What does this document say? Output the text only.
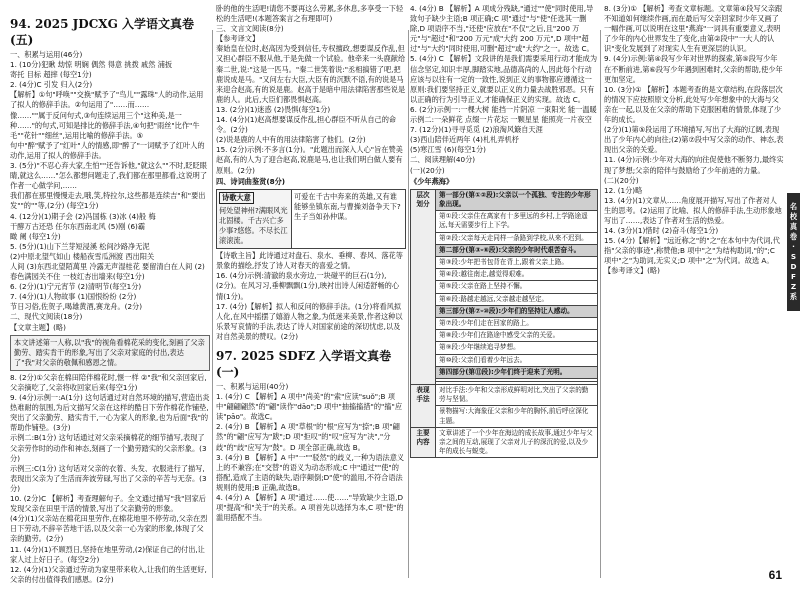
94. 2025 JDCXG 入学语文真卷(五)
一、积累与运用(46分)
1. (10分)犯瞅 劫惊 明娴 偶然 得意 挑拨 戚然 浦扳
寄托 目标 超摔 (每空1分)
2. (4分)C 引发 归入(2分)
【解析】①句"呼唤""交换"赋予了"鸟儿""露珠"人的动作,运用了拟人的修辞手法。②句运用了"……而……
像……""属于反问句式,③句连续运用三个"这种美,是一种……"的句式,可知是排比的修辞手法,④句把"雨丝"比作"牛毛""花针""细丝",运用比喻的修辞手法。⑤
句中"醉"赋予了"红叶"人的情感,即"醉了"一词赋予了红叶人的动作,运用了拟人的修辞手法。
3. (5分)"不忍心弃大家,生怕""还告诉他,"就这么""不时,眨眨眼睛,就这么……"怎么都想问题走了,我们都在那里都看,这说明了作者一心做学问,……
我们都在那里慢慢走去,哦,笑,特拉尔,这些都是连续吉"和"要出发""的""等,(2分) (每空1分)
4. (12分)(1)期子会 (2)冯国栋 (3)冰 (4)般 梅
干酵万古还恐 任尔东西南北风 (5)刚 (6)霸
瞰 阑 (每空1分)
5. (5分)(1)山下兰芽短浸溪 松间沙路净无泥
(2)中原北望气如山 楼船夜雪瓜洲渡 西出阳关
人间 (3)东西北望陌萬里 冷露无声湿桂花 要留清白在人间 (2)春色满园关不住 一枝红杏出墙来(每空1分)
6. (2分)(1)宁元宵节 (2)清明节(每空1分)
7. (4分)(1)人物故事 (1)国恨纷纷 (2分)
节日习俗,佐贺子,喝雄黄酒,赛龙舟。(2分)
二、现代文阅读(18分)
【文章主题】(略)
本文讲述第一人称,以"我"的视角看棉花采的变化,刻画了父亲勤劳、踏实肯干的形象,写出了父亲对家庭的付出,表达了"我"对父亲的敬佩和感恩之情。
8. (2分)①父亲在棉田陪伴棉花时,惬一样 ②"我"和父亲回家后,父亲摘吃了,父亲将收回家后来(每空1分)
9. (4分)示例一:A(1分) 这句话通过对自然环境的描写,营造出炎热难耐的氛围,为后文描写父亲在这样的酷日下劳作棉花作铺垫,突出了父亲勤劳、踏实肯干,一心为家人的形象,也为后面"我"的帮助作铺垫。(3分)
示例二:B(1分) 这句话通过对父亲采摘棉花的细节描写,表现了父亲劳作时的动作和神态,刻画了一个勤劳踏实的父亲形象。(3分)
示例三:C(1分) 这句话对父亲的衣着、头发、衣服进行了描写,表现出父亲为了生活而奔波劳碌,写出了父亲的辛苦与无奈。(3分)
10. (2分)C 【解析】考查理解句子。全文通过描写"我"回家后发现父亲在田里干活的情景,写出了父亲勤劳的形象。
(4分)(1)父亲站在棉花田里劳作,在棉花地里不停劳动,父亲在烈日下劳动,不辞辛苦地干活,以及父亲一心为家的形象,体现了父亲的勤劳。(2分)
11. (4分)(1)不顾烈日,坚持在地里劳动,(2)保证自己的付出,让家人过上好日子。(每空2分)
12. (4分)(1)父亲通过劳动为家里带来收入,让我们的生活更好,父亲的付出值得我们感恩。(2分)
卧的他的生活吧!请您不要再这么劳累,多休息,多享受一下轻松的生活吧!(本题答案言之有理即可)
三、文言文阅读(8分)
【参考译文】
秦始皇在位时,赵高因为受到信任,专权擅政,想要谋反作乱,但又担心群臣不服从他,于是先做一个试验。他牵来一头鹿献给秦二世,说:"这是一匹马。"秦二世笑着说:"丞相搞错了吧,把鹿说成是马。"又问左右大臣,大臣有的沉默不语,有的说是马来迎合赵高,有的说是鹿。赵高于是暗中用法律陷害那些说是鹿的人。此后,大臣们都畏惧赵高。
13. (2分)(1)迷惑 (2)畏惧(每空1分)
14. (4分)(1)赵高想要谋反作乱,担心群臣不听从自己的命令。(2分)
(2)说是鹿的人中有的用法律陷害了他们。(2分)
15. (2分)示例:不多言(1分)。"此题出而深入人心"旨在赞美赵高,有的人为了迎合赵高,说鹿是马,也让我们明白做人要有原则。(2分)
四、诗词曲鉴赏(8分)
诗歌大意
何处望神州?满眼风光北固楼。千古兴亡多少事?悠悠。不尽长江滚滚流。
可爱在千古中奔来的英雄,又有谁能够坐镇东南,与曹操刘备争天下?生子当如孙仲谋。
【诗歌主旨】此诗通过对盘石、泉水、垂柳、春风、落花等景象的描绘,抒发了诗人对春天的喜爱之情。
16. (4分)示例:清澈的泉水旁边,一块碰平的巨石(1分),
(2分)。在风习习,垂柳飘飘(1分),映衬出诗人闲适舒畅的心情(1分)。
17. (4分)【解析】拟人和反问的修辞手法。(1分)将看风拟人化,在风中摇摆了嬉游人物之象,为低迷来美景,作者这种以乐景写哀情的手法,表达了诗人对国家前途的深切忧虑,以及对自然美景的赞叹。(2分)
97. 2025 SDFZ 入学语文真卷(一)
一、积累与运用(40分)
1. (4分) C 【解析】A 项中"尚美"的"索"应读"suǒ";B 项中"翩翩翩然"的"翩"读作"dāo";D 项中"抽搐搐措"的"搐"应读"pāo"。故选C。
2. (4分) B 【解析】A 项"草根"的"根"应写为"捺";B 项"翩然"的"翩"应写为"跋";D 项"拒叹"的"叹"应写为"决","分歧"的"歧"应写为"鼓"。D 项全部正确,故选 B。
3. (4分) B 【解析】A 中"一""驳然"的歧义,一种为语法意义上的不兼容;在"交替"的语义为动态形成;C 中"通过""使"的搭配,造成了主语的缺失,语序颠倒;D"使"的滥用,不符合语法规则的使用;B 正确,故选B。
4. (4分) A 【解析】A 项"通过……使……"导致缺少主语,D 项"提高"和"关于"的关系。A 项首先以选择为本,C 项"使"的滥用搭配不当。
4. (4分) B 【解析】A 项成分残缺,"通过""使"同时使用,导致句子缺少主语;B 项正确;C 项"通过"与"使"任选其一删除,D 项语序不当,"还使"应放在"不仅"之后,且"200 万元"与"超过"和"200 万元"成"大约 200 万元",D 项中"超过"与"大约"同时使用,可删"超过"或"大约"之一。故选 C。
5. (4分) C 【解析】文段讲的是我们需要采用行动才能成为信念坚定,知识丰厚,脚踏实地,品德高尚的人,因此每个行动应该与以往有一定的一致性,说到正义的事物都应遵循这一原则:我们要坚持正义,就要以正义的力量去战胜邪恶。只有以正确的行为引导正义,才能确保正义的实现。故选 C。
6. (2分)示例一:一棵大树 能挡一片阴凉 一束阳光 能一温暖 示例二:一朵鲜花 点缀一片花坛 一颗星星 能照亮一片夜空
7. (12分)(1)寻寻觅觅 (2)浪淘风簸自天涯
(3)西山陪伴近两年 (4)札札弄机杼
(5)寒江雪 (6)(每空1分)
二、阅读理解(40分)
(一)(20分)
《少年燕海》
层次划分	第一部分(第①②段):父亲以一个孤独、专注的少年形象出现。
	第①段:父亲住在离家有十多里远的乡村,上学路途遥远,每天需要步行上下学。
	第②段:父亲每天走同样一条路到学校,从来不迟到。
	第二部分(第③-⑥段):父亲的少年时代艰苦奋斗。
	第③段:少年把书包背在背上,跟着父亲上路。
	第④段:越往南走,越觉得艰难。
	第⑤段:父亲在路上坚持不懈。
	第⑥段:路越走越远,父亲越走越坚定。
	第三部分(第⑦-⑩段):少年们的坚持让人感动。
	第⑦段:少年们走在回家的路上。
	第⑧段:少年们在路途中感受父亲的关爱。
	第⑨段:少年继续追寻梦想。
	第⑩段:父亲们看着少年远去。
	第四部分(第⑪段):少年们终于迎来了光明。

表现手法	对比手法:少年和父亲形成鲜明对比,突出了父亲的勤劳与坚韧。
	景物描写:大海象征父亲和少年的胸怀,前后呼应深化主题。
主要内容	文章讲述了一个少年在海边的成长故事,通过少年与父亲之间的互动,展现了父亲对儿子的深沉的爱,以及少年的成长与蜕变。
8. (3分)① 【解析】考查文章标题。文章第④段写父亲跟不知道如何继续作画,而在最后写父亲回家时少年又画了一幅作画,可以说明在这里"燕海"一词具有重要意义,表明了少年的内心世界发生了变化,由第②段中"一大人的认识"变化发展到了对现实人生有更深层的认识。
9. (4分)示例:第④段写少年对世界的探索,第⑤段写少年在不断前进,第⑥段写少年遇到困难时,父亲的帮助,使少年更加坚定。
10. (3分)① 【解析】本题考查的是文章结构,在段落层次的情况下应按照原文分析,此处写少年想象中的大海与父亲在一起,以及在父亲的帮助下克服困难的情景,体现了少年的成长。
(2分)(1)第⑤段运用了环境描写,写出了大海的辽阔,表现出了少年内心的向往;(2)第⑦段中写父亲的动作、神态,表现出父亲的关爱。
11. (4分)示例:少年对大海的向往促使他不断努力,最终实现了梦想;父亲的陪伴与鼓励给了少年前进的力量。
(二)(20分)
12. (1分)略
13. (4分)(1)文章从……角度展开描写,写出了作者对人生的思考。(2)运用了比喻、拟人的修辞手法,生动形象地写出了……,表达了作者对生活的热爱。
14. (3分)(1)惜时 (2)奋斗(每空1分)
15. (4分)【解析】"远近称之"的"之"在本句中为代词,代指"父亲的事迹",称赞他;B 项中"之"为结构助词,"的";C 项中"之"为助词,无实义;D 项中"之"为代词。故选 A。
【参考译文】(略)
名
校
真
卷
·
S
D
F
Z
系
61
